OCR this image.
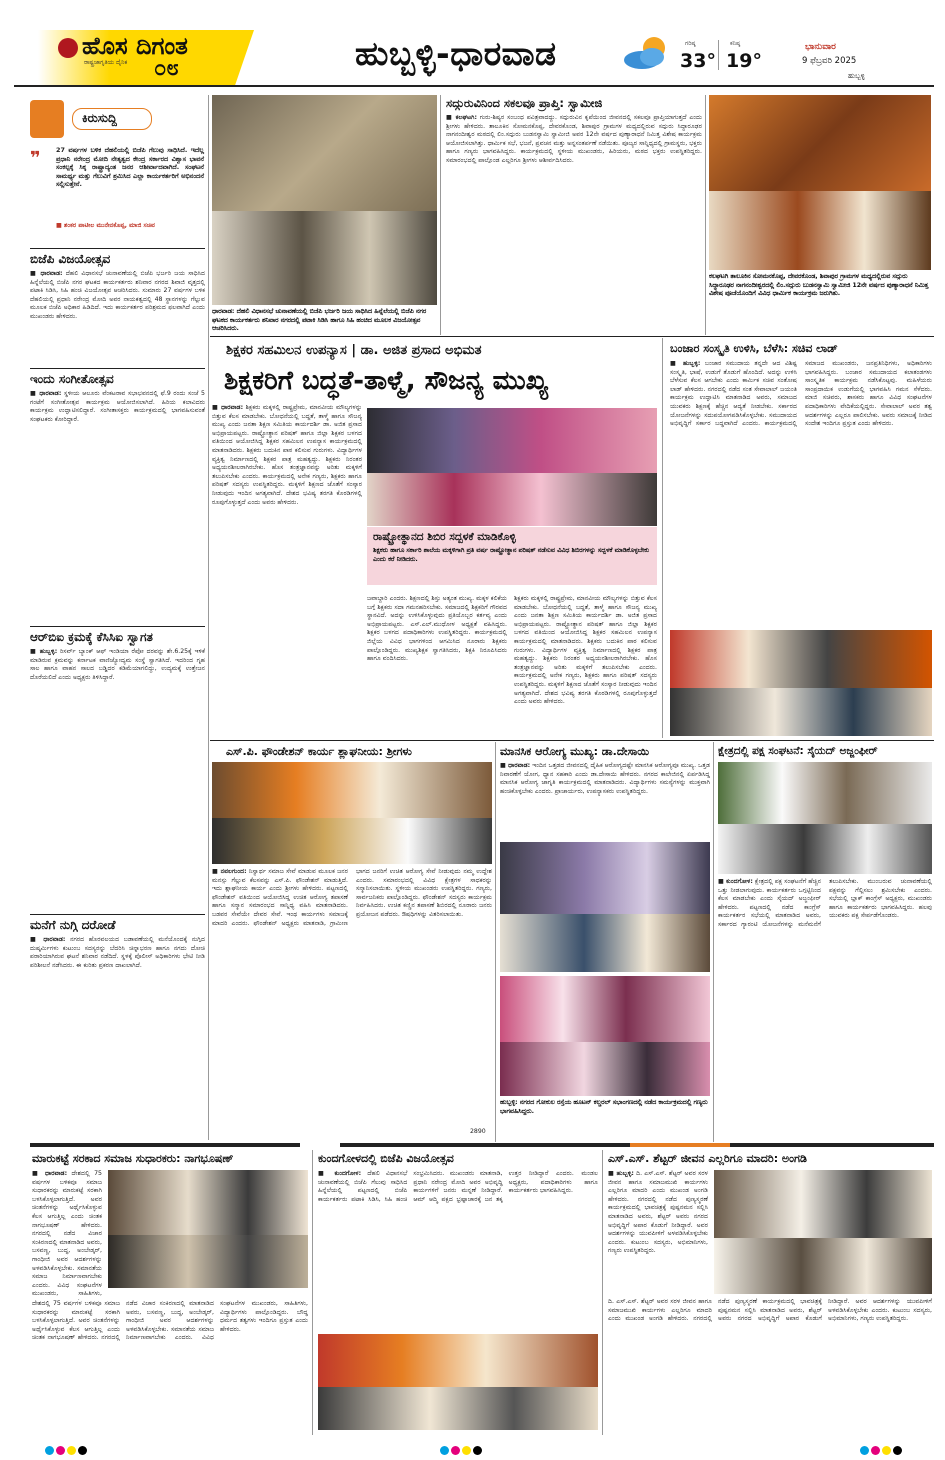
ಹೊಸ ದಿಗಂತ
ರಾಷ್ಟ್ರಜಾಗೃತಿಯ ದೈನಿಕ ೦೮	ಹುಬ್ಬಳ್ಳಿ-ಧಾರವಾಡ	ಗರಿಷ್ಠ
33°
ಕನಿಷ್ಠ
19°
ಭಾನುವಾರ
9 ಫೆಬ್ರವರಿ 2025
ಹುಬ್ಬಳ್ಳಿ
ಕಿರುಸುದ್ದಿ
❞ 27 ವರ್ಷಗಳ ಬಳಿಕ ದೆಹಲಿಯಲ್ಲಿ ಬಿಜೆಪಿ ಗೆಲುವು ಸಾಧಿಸಿದೆ. ಇದೆಲ್ಲ ಪ್ರಧಾನಿ ನರೇಂದ್ರ ಮೋದಿ ನೇತೃತ್ವದ ಕೇಂದ್ರ ಸರ್ಕಾರದ ವಿಶ್ವಾಸ ಭಾವನೆ ಸಂಕಲ್ಪಕ್ಕೆ ಸಿಕ್ಕ ರಾಷ್ಟ್ರಾದ್ಯಂತ ಜನರ ಆಶೀರ್ವಾದವಾಗಿದೆ. ಸಂಘಟನೆ ಸಾಮರ್ಥ್ಯ ಮತ್ತು ಗೆಲುವಿಗೆ ಶ್ರಮಿಸಿದ ಎಲ್ಲಾ ಕಾರ್ಯಕರ್ತರಿಗೆ ಅಭಿನಂದನೆ ಸಲ್ಲಿಸುತ್ತೇನೆ.
■ ಶಂಕರ ಪಾಟೀಲ ಮುನೇನಕೊಪ್ಪ, ಮಾಜಿ ಸಚಿವ
ಬಿಜೆಪಿ ವಿಜಯೋತ್ಸವ
■ ಧಾರವಾಡ: ದೆಹಲಿ ವಿಧಾನಸಭೆ ಚುನಾವಣೆಯಲ್ಲಿ ಬಿಜೆಪಿ ಭರ್ಜರಿ ಜಯ ಸಾಧಿಸಿದ ಹಿನ್ನೆಲೆಯಲ್ಲಿ ಬಿಜೆಪಿ ನಗರ ಘಟಕದ ಕಾರ್ಯಕರ್ತರು ಶನಿವಾರ ನಗರದ ಶಿವಾಜಿ ವೃತ್ತದಲ್ಲಿ ಪಟಾಕಿ ಸಿಡಿಸಿ, ಸಿಹಿ ಹಂಚಿ ವಿಜಯೋತ್ಸವ ಆಚರಿಸಿದರು. ಸುಮಾರು 27 ವರ್ಷಗಳ ಬಳಿಕ ದೆಹಲಿಯಲ್ಲಿ ಪ್ರಧಾನಿ ನರೇಂದ್ರ ಮೋದಿ ಅವರ ನಾಯಕತ್ವದಲ್ಲಿ 48 ಸ್ಥಾನಗಳನ್ನು ಗೆಲ್ಲುವ ಮೂಲಕ ಬಿಜೆಪಿ ಅಧಿಕಾರ ಹಿಡಿದಿದೆ. ಇದು ಕಾರ್ಯಕರ್ತರ ಪರಿಶ್ರಮದ ಫಲವಾಗಿದೆ ಎಂದು ಮುಖಂಡರು ಹೇಳಿದರು.
ಇಂದು ಸಂಗೀತೋತ್ಸವ
■ ಧಾರವಾಡ: ಸ್ಥಳೀಯ ಆಲೂರು ವೆಂಕಟರಾವ ಸಭಾಭವನದಲ್ಲಿ ಫೆ.9 ರಂದು ಸಂಜೆ 5 ಗಂಟೆಗೆ ಸಂಗೀತೋತ್ಸವ ಕಾರ್ಯಕ್ರಮ ಆಯೋಜಿಸಲಾಗಿದೆ. ಹಿರಿಯ ಕಲಾವಿದರು ಕಾರ್ಯಕ್ರಮ ಉದ್ಘಾಟಿಸಲಿದ್ದಾರೆ. ಸಂಗೀತಾಸಕ್ತರು ಕಾರ್ಯಕ್ರಮದಲ್ಲಿ ಭಾಗವಹಿಸುವಂತೆ ಸಂಘಟಕರು ಕೋರಿದ್ದಾರೆ.
ಆರ್‌ಬಿಐ ಕ್ರಮಕ್ಕೆ ಕೆಸಿಸಿಐ ಸ್ವಾಗತ
■ ಹುಬ್ಬಳ್ಳಿ: ರಿಸರ್ವ್ ಬ್ಯಾಂಕ್ ಆಫ್ ಇಂಡಿಯಾ ರೆಪೋ ದರವನ್ನು ಶೇ.6.25ಕ್ಕೆ ಇಳಿಕೆ ಮಾಡಿರುವ ಕ್ರಮವನ್ನು ಕರ್ನಾಟಕ ವಾಣಿಜ್ಯೋದ್ಯಮ ಸಂಸ್ಥೆ ಸ್ವಾಗತಿಸಿದೆ. ಇದರಿಂದ ಗೃಹ ಸಾಲ ಹಾಗೂ ವಾಹನ ಸಾಲದ ಬಡ್ಡಿದರ ಕಡಿಮೆಯಾಗಲಿದ್ದು, ಉದ್ಯಮಕ್ಕೆ ಉತ್ತೇಜನ ದೊರೆಯಲಿದೆ ಎಂದು ಅಧ್ಯಕ್ಷರು ತಿಳಿಸಿದ್ದಾರೆ.
ಮನೆಗೆ ನುಗ್ಗಿ ದರೋಡೆ
■ ಧಾರವಾಡ: ನಗರದ ಹೊರವಲಯದ ಬಡಾವಣೆಯಲ್ಲಿ ಮನೆಯೊಂದಕ್ಕೆ ನುಗ್ಗಿದ ದುಷ್ಕರ್ಮಿಗಳು ಕುಟುಂಬ ಸದಸ್ಯರನ್ನು ಬೆದರಿಸಿ ಚಿನ್ನಾಭರಣ ಹಾಗೂ ನಗದು ದೋಚಿ ಪರಾರಿಯಾಗಿರುವ ಘಟನೆ ಶನಿವಾರ ನಡೆದಿದೆ. ಸ್ಥಳಕ್ಕೆ ಪೊಲೀಸ್ ಅಧಿಕಾರಿಗಳು ಭೇಟಿ ನೀಡಿ ಪರಿಶೀಲನೆ ನಡೆಸಿದರು. ಈ ಕುರಿತು ಪ್ರಕರಣ ದಾಖಲಾಗಿದೆ.
ಧಾರವಾಡ: ದೆಹಲಿ ವಿಧಾನಸಭೆ ಚುನಾವಣೆಯಲ್ಲಿ ಬಿಜೆಪಿ ಭರ್ಜರಿ ಜಯ ಸಾಧಿಸಿದ ಹಿನ್ನೆಲೆಯಲ್ಲಿ ಬಿಜೆಪಿ ನಗರ ಘಟಕದ ಕಾರ್ಯಕರ್ತರು ಶನಿವಾರ ನಗರದಲ್ಲಿ ಪಟಾಕಿ ಸಿಡಿಸಿ ಹಾಗೂ ಸಿಹಿ ಹಂಚಿದ ಮೂಲಕ ವಿಜಯೋತ್ಸವ ಆಚರಿಸಿದರು.
ಸದ್ಗುರುವಿನಿಂದ ಸಕಲವೂ ಪ್ರಾಪ್ತಿ: ಸ್ವಾಮೀಜಿ
■ ಕಲಘಟಗಿ: ಗುರು-ಶಿಷ್ಯರ ಸಂಬಂಧ ಪವಿತ್ರವಾದದ್ದು. ಸದ್ಗುರುವಿನ ಕೃಪೆಯಿಂದ ಜೀವನದಲ್ಲಿ ಸಕಲವೂ ಪ್ರಾಪ್ತಿಯಾಗುತ್ತದೆ ಎಂದು ಶ್ರೀಗಳು ಹೇಳಿದರು. ತಾಲೂಕಿನ ಸೋಮನಕೊಪ್ಪ, ದೇವರಕೊಂಡ, ಶಿವಾಪುರ ಗ್ರಾಮಗಳ ಮಧ್ಯದಲ್ಲಿರುವ ಸದ್ಗುರು ಸಿದ್ಧಾರೂಢರ ನಾಗನಂದೀಶ್ವರ ಮಠದಲ್ಲಿ ಲಿಂ.ಸದ್ಗುರು ಬುಡನಸ್ವಾಮಿ ಸ್ವಾಮೀಜಿ ಅವರ 12ನೇ ವರ್ಷದ ಪುಣ್ಯಾರಾಧನೆ ನಿಮಿತ್ತ ವಿಶೇಷ ಕಾರ್ಯಕ್ರಮ ಆಯೋಜಿಸಲಾಗಿತ್ತು. ಧಾರ್ಮಿಕ ಸಭೆ, ಭಜನೆ, ಪ್ರವಚನ ಮತ್ತು ಅನ್ನಸಂತರ್ಪಣೆ ನಡೆಯಿತು. ಪೂಜ್ಯರ ಸಾನ್ನಿಧ್ಯದಲ್ಲಿ ಗ್ರಾಮಸ್ಥರು, ಭಕ್ತರು ಹಾಗೂ ಗಣ್ಯರು ಭಾಗವಹಿಸಿದ್ದರು. ಕಾರ್ಯಕ್ರಮದಲ್ಲಿ ಸ್ಥಳೀಯ ಮುಖಂಡರು, ಹಿರಿಯರು, ಮಠದ ಭಕ್ತರು ಉಪಸ್ಥಿತರಿದ್ದರು. ಸಮಾರಂಭದಲ್ಲಿ ಪಾಲ್ಗೊಂಡ ಎಲ್ಲರಿಗೂ ಶ್ರೀಗಳು ಆಶೀರ್ವದಿಸಿದರು.
ಕಲಘಟಗಿ ತಾಲೂಕಿನ ಸೋಮನಕೊಪ್ಪ, ದೇವರಕೊಂಡ, ಶಿವಾಪುರ ಗ್ರಾಮಗಳ ಮಧ್ಯದಲ್ಲಿರುವ ಸದ್ಗುರು ಸಿದ್ಧಾರೂಢರ ನಾಗನಂದೀಶ್ವರದಲ್ಲಿ ಲಿಂ.ಸದ್ಗುರು ಬುಡನಸ್ವಾಮಿ ಸ್ವಾಮೀಜಿ 12ನೇ ವರ್ಷದ ಪುಣ್ಯಾರಾಧನೆ ನಿಮಿತ್ತ ವಿಶೇಷ ಪೂಜೆಯೊಂದಿಗೆ ವಿವಿಧ ಧಾರ್ಮಿಕ ಕಾರ್ಯಕ್ರಮ ಜರುಗಿತು.
ಶಿಕ್ಷಕರ ಸಹಮಿಲನ ಉಪನ್ಯಾಸ | ಡಾ. ಅಜಿತ ಪ್ರಸಾದ ಅಭಿಮತ
ಶಿಕ್ಷಕರಿಗೆ ಬದ್ಧತೆ-ತಾಳ್ಮೆ, ಸೌಜನ್ಯ ಮುಖ್ಯ
■ ಧಾರವಾಡ: ಶಿಕ್ಷಕರು ಮಕ್ಕಳಲ್ಲಿ ರಾಷ್ಟ್ರಪ್ರೇಮ, ಮಾನವೀಯ ಮೌಲ್ಯಗಳನ್ನು ಬಿತ್ತುವ ಕೆಲಸ ಮಾಡಬೇಕು. ಬೋಧನೆಯಲ್ಲಿ ಬದ್ಧತೆ, ತಾಳ್ಮೆ ಹಾಗೂ ಸೌಜನ್ಯ ಮುಖ್ಯ ಎಂದು ಜನತಾ ಶಿಕ್ಷಣ ಸಮಿತಿಯ ಕಾರ್ಯದರ್ಶಿ ಡಾ. ಅಜಿತ ಪ್ರಸಾದ ಅಭಿಪ್ರಾಯಪಟ್ಟರು. ರಾಷ್ಟ್ರೋತ್ಥಾನ ಪರಿಷತ್ ಹಾಗೂ ಜಿಲ್ಲಾ ಶಿಕ್ಷಕರ ಬಳಗದ ವತಿಯಿಂದ ಆಯೋಜಿಸಿದ್ದ ಶಿಕ್ಷಕರ ಸಹಮಿಲನ ಉಪನ್ಯಾಸ ಕಾರ್ಯಕ್ರಮದಲ್ಲಿ ಮಾತನಾಡಿದರು. ಶಿಕ್ಷಕರು ಬದುಕಿನ ಪಾಠ ಕಲಿಸುವ ಗುರುಗಳು. ವಿದ್ಯಾರ್ಥಿಗಳ ವ್ಯಕ್ತಿತ್ವ ನಿರ್ಮಾಣದಲ್ಲಿ ಶಿಕ್ಷಕರ ಪಾತ್ರ ಮಹತ್ವದ್ದು. ಶಿಕ್ಷಕರು ನಿರಂತರ ಅಧ್ಯಯನಶೀಲರಾಗಿರಬೇಕು. ಹೊಸ ತಂತ್ರಜ್ಞಾನವನ್ನು ಅರಿತು ಮಕ್ಕಳಿಗೆ ತಲುಪಿಸಬೇಕು ಎಂದರು. ಕಾರ್ಯಕ್ರಮದಲ್ಲಿ ಅನೇಕ ಗಣ್ಯರು, ಶಿಕ್ಷಕರು ಹಾಗೂ ಪರಿಷತ್ ಸದಸ್ಯರು ಉಪಸ್ಥಿತರಿದ್ದರು. ಮಕ್ಕಳಿಗೆ ಶಿಕ್ಷಣದ ಜೊತೆಗೆ ಸಂಸ್ಕಾರ ನೀಡುವುದು ಇಂದಿನ ಅಗತ್ಯವಾಗಿದೆ. ದೇಶದ ಭವಿಷ್ಯ ತರಗತಿ ಕೊಠಡಿಗಳಲ್ಲಿ ರೂಪುಗೊಳ್ಳುತ್ತದೆ ಎಂದು ಅವರು ಹೇಳಿದರು.
ರಾಷ್ಟ್ರೋತ್ಥಾನದ ಶಿಬಿರ ಸದ್ಬಳಕೆ ಮಾಡಿಕೊಳ್ಳಿ
ಶಿಕ್ಷಕರು ಹಾಗೂ ಸರ್ಕಾರಿ ಶಾಲೆಯ ಮಕ್ಕಳಿಗಾಗಿ ಪ್ರತಿ ವರ್ಷ ರಾಷ್ಟ್ರೋತ್ಥಾನ ಪರಿಷತ್ ನಡೆಸುವ ವಿವಿಧ ಶಿಬಿರಗಳನ್ನು ಸದ್ಬಳಕೆ ಮಾಡಿಕೊಳ್ಳಬೇಕು ಎಂದು ಕರೆ ನೀಡಿದರು.
ಜವಾಬ್ದಾರಿ ಎಂದರು. ಶಿಕ್ಷಣದಲ್ಲಿ ಶಿಸ್ತು ಅತ್ಯಂತ ಮುಖ್ಯ. ಮಕ್ಕಳ ಕಲಿಕೆಯ ಬಗ್ಗೆ ಶಿಕ್ಷಕರು ಸದಾ ಗಮನಹರಿಸಬೇಕು. ಸಮಾಜದಲ್ಲಿ ಶಿಕ್ಷಕರಿಗೆ ಗೌರವದ ಸ್ಥಾನವಿದೆ. ಅದನ್ನು ಉಳಿಸಿಕೊಳ್ಳುವುದು ಪ್ರತಿಯೊಬ್ಬರ ಕರ್ತವ್ಯ ಎಂದು ಅಭಿಪ್ರಾಯಪಟ್ಟರು. ಎಸ್.ಎಲ್.ಮುಧೋಳ ಅಧ್ಯಕ್ಷತೆ ವಹಿಸಿದ್ದರು. ಶಿಕ್ಷಕರ ಬಳಗದ ಪದಾಧಿಕಾರಿಗಳು ಉಪಸ್ಥಿತರಿದ್ದರು. ಕಾರ್ಯಕ್ರಮದಲ್ಲಿ ಜಿಲ್ಲೆಯ ವಿವಿಧ ಭಾಗಗಳಿಂದ ಆಗಮಿಸಿದ ನೂರಾರು ಶಿಕ್ಷಕರು ಪಾಲ್ಗೊಂಡಿದ್ದರು. ಮುಖ್ಯಶಿಕ್ಷಕ ಸ್ವಾಗತಿಸಿದರು, ಶಿಕ್ಷಕಿ ನಿರೂಪಿಸಿದರು ಹಾಗೂ ವಂದಿಸಿದರು.
ಶಿಕ್ಷಕರು ಮಕ್ಕಳಲ್ಲಿ ರಾಷ್ಟ್ರಪ್ರೇಮ, ಮಾನವೀಯ ಮೌಲ್ಯಗಳನ್ನು ಬಿತ್ತುವ ಕೆಲಸ ಮಾಡಬೇಕು. ಬೋಧನೆಯಲ್ಲಿ ಬದ್ಧತೆ, ತಾಳ್ಮೆ ಹಾಗೂ ಸೌಜನ್ಯ ಮುಖ್ಯ ಎಂದು ಜನತಾ ಶಿಕ್ಷಣ ಸಮಿತಿಯ ಕಾರ್ಯದರ್ಶಿ ಡಾ. ಅಜಿತ ಪ್ರಸಾದ ಅಭಿಪ್ರಾಯಪಟ್ಟರು. ರಾಷ್ಟ್ರೋತ್ಥಾನ ಪರಿಷತ್ ಹಾಗೂ ಜಿಲ್ಲಾ ಶಿಕ್ಷಕರ ಬಳಗದ ವತಿಯಿಂದ ಆಯೋಜಿಸಿದ್ದ ಶಿಕ್ಷಕರ ಸಹಮಿಲನ ಉಪನ್ಯಾಸ ಕಾರ್ಯಕ್ರಮದಲ್ಲಿ ಮಾತನಾಡಿದರು. ಶಿಕ್ಷಕರು ಬದುಕಿನ ಪಾಠ ಕಲಿಸುವ ಗುರುಗಳು. ವಿದ್ಯಾರ್ಥಿಗಳ ವ್ಯಕ್ತಿತ್ವ ನಿರ್ಮಾಣದಲ್ಲಿ ಶಿಕ್ಷಕರ ಪಾತ್ರ ಮಹತ್ವದ್ದು. ಶಿಕ್ಷಕರು ನಿರಂತರ ಅಧ್ಯಯನಶೀಲರಾಗಿರಬೇಕು. ಹೊಸ ತಂತ್ರಜ್ಞಾನವನ್ನು ಅರಿತು ಮಕ್ಕಳಿಗೆ ತಲುಪಿಸಬೇಕು ಎಂದರು. ಕಾರ್ಯಕ್ರಮದಲ್ಲಿ ಅನೇಕ ಗಣ್ಯರು, ಶಿಕ್ಷಕರು ಹಾಗೂ ಪರಿಷತ್ ಸದಸ್ಯರು ಉಪಸ್ಥಿತರಿದ್ದರು. ಮಕ್ಕಳಿಗೆ ಶಿಕ್ಷಣದ ಜೊತೆಗೆ ಸಂಸ್ಕಾರ ನೀಡುವುದು ಇಂದಿನ ಅಗತ್ಯವಾಗಿದೆ. ದೇಶದ ಭವಿಷ್ಯ ತರಗತಿ ಕೊಠಡಿಗಳಲ್ಲಿ ರೂಪುಗೊಳ್ಳುತ್ತದೆ ಎಂದು ಅವರು ಹೇಳಿದರು.
ಬಂಜಾರ ಸಂಸ್ಕೃತಿ ಉಳಿಸಿ, ಬೆಳೆಸಿ: ಸಚಿವ ಲಾಡ್
■ ಹುಬ್ಬಳ್ಳಿ: ಬಂಜಾರ ಸಮುದಾಯ ತನ್ನದೇ ಆದ ವಿಶಿಷ್ಟ ಸಂಸ್ಕೃತಿ, ಭಾಷೆ, ಉಡುಗೆ ತೊಡುಗೆ ಹೊಂದಿದೆ. ಅದನ್ನು ಉಳಿಸಿ ಬೆಳೆಸುವ ಕೆಲಸ ಆಗಬೇಕು ಎಂದು ಕಾರ್ಮಿಕ ಸಚಿವ ಸಂತೋಷ ಲಾಡ್ ಹೇಳಿದರು. ನಗರದಲ್ಲಿ ನಡೆದ ಸಂತ ಸೇವಾಲಾಲ್ ಜಯಂತಿ ಕಾರ್ಯಕ್ರಮ ಉದ್ಘಾಟಿಸಿ ಮಾತನಾಡಿದ ಅವರು, ಸಮಾಜದ ಯುವಕರು ಶಿಕ್ಷಣಕ್ಕೆ ಹೆಚ್ಚಿನ ಆದ್ಯತೆ ನೀಡಬೇಕು. ಸರ್ಕಾರದ ಯೋಜನೆಗಳನ್ನು ಸದುಪಯೋಗಪಡಿಸಿಕೊಳ್ಳಬೇಕು. ಸಮುದಾಯದ ಅಭಿವೃದ್ಧಿಗೆ ಸರ್ಕಾರ ಬದ್ಧವಾಗಿದೆ ಎಂದರು. ಕಾರ್ಯಕ್ರಮದಲ್ಲಿ ಸಮಾಜದ ಮುಖಂಡರು, ಜನಪ್ರತಿನಿಧಿಗಳು, ಅಧಿಕಾರಿಗಳು ಭಾಗವಹಿಸಿದ್ದರು. ಬಂಜಾರ ಸಮುದಾಯದ ಕಲಾತಂಡಗಳು ಸಾಂಸ್ಕೃತಿಕ ಕಾರ್ಯಕ್ರಮ ನಡೆಸಿಕೊಟ್ಟವು. ಮಹಿಳೆಯರು ಸಾಂಪ್ರದಾಯಿಕ ಉಡುಗೆಯಲ್ಲಿ ಭಾಗವಹಿಸಿ ಗಮನ ಸೆಳೆದರು. ಮಾಜಿ ಸಚಿವರು, ಶಾಸಕರು ಹಾಗೂ ವಿವಿಧ ಸಂಘಟನೆಗಳ ಪದಾಧಿಕಾರಿಗಳು ವೇದಿಕೆಯಲ್ಲಿದ್ದರು. ಸೇವಾಲಾಲ್ ಅವರ ತತ್ವ ಆದರ್ಶಗಳನ್ನು ಎಲ್ಲರೂ ಪಾಲಿಸಬೇಕು. ಅವರು ಸಮಾಜಕ್ಕೆ ನೀಡಿದ ಸಂದೇಶ ಇಂದಿಗೂ ಪ್ರಸ್ತುತ ಎಂದು ಹೇಳಿದರು.
ಎಸ್.ಪಿ. ಫೌಂಡೇಶನ್ ಕಾರ್ಯ ಶ್ಲಾಘನೀಯ: ಶ್ರೀಗಳು
■ ನವಲಗುಂದ: ನಿಸ್ವಾರ್ಥ ಸಮಾಜ ಸೇವೆ ಮಾಡುವ ಮೂಲಕ ಜನರ ಮನಸ್ಸು ಗೆಲ್ಲುವ ಕೆಲಸವನ್ನು ಎಸ್.ಪಿ. ಫೌಂಡೇಶನ್ ಮಾಡುತ್ತಿದೆ. ಇದು ಶ್ಲಾಘನೀಯ ಕಾರ್ಯ ಎಂದು ಶ್ರೀಗಳು ಹೇಳಿದರು. ಪಟ್ಟಣದಲ್ಲಿ ಫೌಂಡೇಶನ್ ವತಿಯಿಂದ ಆಯೋಜಿಸಿದ್ದ ಉಚಿತ ಆರೋಗ್ಯ ತಪಾಸಣೆ ಹಾಗೂ ಸನ್ಮಾನ ಸಮಾರಂಭದ ಸಾನ್ನಿಧ್ಯ ವಹಿಸಿ ಮಾತನಾಡಿದರು. ಬಡವರ ಸೇವೆಯೇ ದೇವರ ಸೇವೆ. ಇಂಥ ಕಾರ್ಯಗಳು ಸಮಾಜಕ್ಕೆ ಮಾದರಿ ಎಂದರು. ಫೌಂಡೇಶನ್ ಅಧ್ಯಕ್ಷರು ಮಾತನಾಡಿ, ಗ್ರಾಮೀಣ ಭಾಗದ ಜನರಿಗೆ ಉಚಿತ ಆರೋಗ್ಯ ಸೇವೆ ನೀಡುವುದು ನಮ್ಮ ಉದ್ದೇಶ ಎಂದರು. ಸಮಾರಂಭದಲ್ಲಿ ವಿವಿಧ ಕ್ಷೇತ್ರಗಳ ಸಾಧಕರನ್ನು ಸನ್ಮಾನಿಸಲಾಯಿತು. ಸ್ಥಳೀಯ ಮುಖಂಡರು ಉಪಸ್ಥಿತರಿದ್ದರು. ಗಣ್ಯರು, ಸಾರ್ವಜನಿಕರು ಪಾಲ್ಗೊಂಡಿದ್ದರು. ಫೌಂಡೇಶನ್ ಸದಸ್ಯರು ಕಾರ್ಯಕ್ರಮ ನಿರ್ವಹಿಸಿದರು. ಉಚಿತ ಕಣ್ಣಿನ ತಪಾಸಣೆ ಶಿಬಿರದಲ್ಲಿ ನೂರಾರು ಜನರು ಪ್ರಯೋಜನ ಪಡೆದರು. ಔಷಧಿಗಳನ್ನು ವಿತರಿಸಲಾಯಿತು.
2890
ಮಾನಸಿಕ ಆರೋಗ್ಯ ಮುಖ್ಯ: ಡಾ.ದೇಸಾಯಿ
■ ಧಾರವಾಡ: ಇಂದಿನ ಒತ್ತಡದ ಜೀವನದಲ್ಲಿ ದೈಹಿಕ ಆರೋಗ್ಯದಷ್ಟೇ ಮಾನಸಿಕ ಆರೋಗ್ಯವೂ ಮುಖ್ಯ. ಒತ್ತಡ ನಿವಾರಣೆಗೆ ಯೋಗ, ಧ್ಯಾನ ಸಹಕಾರಿ ಎಂದು ಡಾ.ದೇಸಾಯಿ ಹೇಳಿದರು. ನಗರದ ಕಾಲೇಜಿನಲ್ಲಿ ಏರ್ಪಡಿಸಿದ್ದ ಮಾನಸಿಕ ಆರೋಗ್ಯ ಜಾಗೃತಿ ಕಾರ್ಯಕ್ರಮದಲ್ಲಿ ಮಾತನಾಡಿದರು. ವಿದ್ಯಾರ್ಥಿಗಳು ಸಮಸ್ಯೆಗಳನ್ನು ಮುಕ್ತವಾಗಿ ಹಂಚಿಕೊಳ್ಳಬೇಕು ಎಂದರು. ಪ್ರಾಚಾರ್ಯರು, ಉಪನ್ಯಾಸಕರು ಉಪಸ್ಥಿತರಿದ್ದರು.
ಹುಬ್ಬಳ್ಳಿ: ನಗರದ ಗೋಕುಲ ರಸ್ತೆಯ ಹೂಟನ್ ಕಲ್ಚರಲ್ ಸಭಾಂಗಣದಲ್ಲಿ ನಡೆದ ಕಾರ್ಯಕ್ರಮದಲ್ಲಿ ಗಣ್ಯರು ಭಾಗವಹಿಸಿದ್ದರು.
ಕ್ಷೇತ್ರದಲ್ಲಿ ಪಕ್ಷ ಸಂಘಟನೆ: ಸೈಯದ್ ಅಜ್ಜಂಫೀರ್
■ ಕುಂದಗೋಳ: ಕ್ಷೇತ್ರದಲ್ಲಿ ಪಕ್ಷ ಸಂಘಟನೆಗೆ ಹೆಚ್ಚಿನ ಒತ್ತು ನೀಡಲಾಗುವುದು. ಕಾರ್ಯಕರ್ತರು ಒಗ್ಗಟ್ಟಿನಿಂದ ಕೆಲಸ ಮಾಡಬೇಕು ಎಂದು ಸೈಯದ್ ಅಜ್ಜಂಫೀರ್ ಹೇಳಿದರು. ಪಟ್ಟಣದಲ್ಲಿ ನಡೆದ ಕಾಂಗ್ರೆಸ್ ಕಾರ್ಯಕರ್ತರ ಸಭೆಯಲ್ಲಿ ಮಾತನಾಡಿದ ಅವರು, ಸರ್ಕಾರದ ಗ್ಯಾರಂಟಿ ಯೋಜನೆಗಳನ್ನು ಮನೆಮನೆಗೆ ತಲುಪಿಸಬೇಕು. ಮುಂಬರುವ ಚುನಾವಣೆಯಲ್ಲಿ ಪಕ್ಷವನ್ನು ಗೆಲ್ಲಿಸಲು ಶ್ರಮಿಸಬೇಕು ಎಂದರು. ಸಭೆಯಲ್ಲಿ ಬ್ಲಾಕ್ ಕಾಂಗ್ರೆಸ್ ಅಧ್ಯಕ್ಷರು, ಮುಖಂಡರು ಹಾಗೂ ಕಾರ್ಯಕರ್ತರು ಭಾಗವಹಿಸಿದ್ದರು. ಹಲವು ಯುವಕರು ಪಕ್ಷ ಸೇರ್ಪಡೆಗೊಂಡರು.
ಮಾರುಕಟ್ಟೆ ಸರಕಾದ ಸಮಾಜ ಸುಧಾರಕರು: ನಾಗಭೂಷಣ್
■ ಧಾರವಾಡ: ದೇಶದಲ್ಲಿ 75 ವರ್ಷಗಳ ಬಳಿಕವೂ ಸಮಾಜ ಸುಧಾರಕರನ್ನು ಮಾರುಕಟ್ಟೆ ಸರಕಾಗಿ ಬಳಸಿಕೊಳ್ಳಲಾಗುತ್ತಿದೆ. ಅವರ ಚಿಂತನೆಗಳನ್ನು ಅರ್ಥೈಸಿಕೊಳ್ಳುವ ಕೆಲಸ ಆಗುತ್ತಿಲ್ಲ ಎಂದು ಚಿಂತಕ ನಾಗಭೂಷಣ್ ಹೇಳಿದರು. ನಗರದಲ್ಲಿ ನಡೆದ ವಿಚಾರ ಸಂಕಿರಣದಲ್ಲಿ ಮಾತನಾಡಿದ ಅವರು, ಬಸವಣ್ಣ, ಬುದ್ಧ, ಅಂಬೇಡ್ಕರ್, ಗಾಂಧೀಜಿ ಅವರ ಆದರ್ಶಗಳನ್ನು ಅಳವಡಿಸಿಕೊಳ್ಳಬೇಕು. ಸಮಾನತೆಯ ಸಮಾಜ ನಿರ್ಮಾಣವಾಗಬೇಕು ಎಂದರು. ವಿವಿಧ ಸಂಘಟನೆಗಳ ಮುಖಂಡರು, ಸಾಹಿತಿಗಳು,
ದೇಶದಲ್ಲಿ 75 ವರ್ಷಗಳ ಬಳಿಕವೂ ಸಮಾಜ ಸುಧಾರಕರನ್ನು ಮಾರುಕಟ್ಟೆ ಸರಕಾಗಿ ಬಳಸಿಕೊಳ್ಳಲಾಗುತ್ತಿದೆ. ಅವರ ಚಿಂತನೆಗಳನ್ನು ಅರ್ಥೈಸಿಕೊಳ್ಳುವ ಕೆಲಸ ಆಗುತ್ತಿಲ್ಲ ಎಂದು ಚಿಂತಕ ನಾಗಭೂಷಣ್ ಹೇಳಿದರು. ನಗರದಲ್ಲಿ ನಡೆದ ವಿಚಾರ ಸಂಕಿರಣದಲ್ಲಿ ಮಾತನಾಡಿದ ಅವರು, ಬಸವಣ್ಣ, ಬುದ್ಧ, ಅಂಬೇಡ್ಕರ್, ಗಾಂಧೀಜಿ ಅವರ ಆದರ್ಶಗಳನ್ನು ಅಳವಡಿಸಿಕೊಳ್ಳಬೇಕು. ಸಮಾನತೆಯ ಸಮಾಜ ನಿರ್ಮಾಣವಾಗಬೇಕು ಎಂದರು. ವಿವಿಧ ಸಂಘಟನೆಗಳ ಮುಖಂಡರು, ಸಾಹಿತಿಗಳು, ವಿದ್ಯಾರ್ಥಿಗಳು ಪಾಲ್ಗೊಂಡಿದ್ದರು. ಬೌದ್ಧ ಧರ್ಮದ ತತ್ವಗಳು ಇಂದಿಗೂ ಪ್ರಸ್ತುತ ಎಂದು ಹೇಳಿದರು.
ಕುಂದಗೋಳದಲ್ಲಿ ಬಿಜೆಪಿ ವಿಜಯೋತ್ಸವ
■ ಕುಂದಗೋಳ: ದೆಹಲಿ ವಿಧಾನಸಭೆ ಚುನಾವಣೆಯಲ್ಲಿ ಬಿಜೆಪಿ ಗೆಲುವು ಸಾಧಿಸಿದ ಹಿನ್ನೆಲೆಯಲ್ಲಿ ಪಟ್ಟಣದಲ್ಲಿ ಬಿಜೆಪಿ ಕಾರ್ಯಕರ್ತರು ಪಟಾಕಿ ಸಿಡಿಸಿ, ಸಿಹಿ ಹಂಚಿ ಸಂಭ್ರಮಿಸಿದರು. ಮುಖಂಡರು ಮಾತನಾಡಿ, ಪ್ರಧಾನಿ ನರೇಂದ್ರ ಮೋದಿ ಅವರ ಅಭಿವೃದ್ಧಿ ಕಾರ್ಯಗಳಿಗೆ ಜನರು ಮನ್ನಣೆ ನೀಡಿದ್ದಾರೆ. ಆಮ್ ಆದ್ಮಿ ಪಕ್ಷದ ಭ್ರಷ್ಟಾಚಾರಕ್ಕೆ ಜನ ತಕ್ಕ ಉತ್ತರ ನೀಡಿದ್ದಾರೆ ಎಂದರು. ಮಂಡಲ ಅಧ್ಯಕ್ಷರು, ಪದಾಧಿಕಾರಿಗಳು ಹಾಗೂ ಕಾರ್ಯಕರ್ತರು ಭಾಗವಹಿಸಿದ್ದರು.
ಎಸ್.ಎಸ್. ಶೆಟ್ಟರ್ ಜೀವನ ಎಲ್ಲರಿಗೂ ಮಾದರಿ: ಅಂಗಡಿ
■ ಹುಬ್ಬಳ್ಳಿ: ದಿ. ಎಸ್.ಎಸ್. ಶೆಟ್ಟರ್ ಅವರ ಸರಳ ಜೀವನ ಹಾಗೂ ಸಮಾಜಮುಖಿ ಕಾರ್ಯಗಳು ಎಲ್ಲರಿಗೂ ಮಾದರಿ ಎಂದು ಮುಖಂಡ ಅಂಗಡಿ ಹೇಳಿದರು. ನಗರದಲ್ಲಿ ನಡೆದ ಪುಣ್ಯಸ್ಮರಣೆ ಕಾರ್ಯಕ್ರಮದಲ್ಲಿ ಭಾವಚಿತ್ರಕ್ಕೆ ಪುಷ್ಪನಮನ ಸಲ್ಲಿಸಿ ಮಾತನಾಡಿದ ಅವರು, ಶೆಟ್ಟರ್ ಅವರು ನಗರದ ಅಭಿವೃದ್ಧಿಗೆ ಅಪಾರ ಕೊಡುಗೆ ನೀಡಿದ್ದಾರೆ. ಅವರ ಆದರ್ಶಗಳನ್ನು ಯುವಪೀಳಿಗೆ ಅಳವಡಿಸಿಕೊಳ್ಳಬೇಕು ಎಂದರು. ಕುಟುಂಬ ಸದಸ್ಯರು, ಅಭಿಮಾನಿಗಳು, ಗಣ್ಯರು ಉಪಸ್ಥಿತರಿದ್ದರು.
ದಿ. ಎಸ್.ಎಸ್. ಶೆಟ್ಟರ್ ಅವರ ಸರಳ ಜೀವನ ಹಾಗೂ ಸಮಾಜಮುಖಿ ಕಾರ್ಯಗಳು ಎಲ್ಲರಿಗೂ ಮಾದರಿ ಎಂದು ಮುಖಂಡ ಅಂಗಡಿ ಹೇಳಿದರು. ನಗರದಲ್ಲಿ ನಡೆದ ಪುಣ್ಯಸ್ಮರಣೆ ಕಾರ್ಯಕ್ರಮದಲ್ಲಿ ಭಾವಚಿತ್ರಕ್ಕೆ ಪುಷ್ಪನಮನ ಸಲ್ಲಿಸಿ ಮಾತನಾಡಿದ ಅವರು, ಶೆಟ್ಟರ್ ಅವರು ನಗರದ ಅಭಿವೃದ್ಧಿಗೆ ಅಪಾರ ಕೊಡುಗೆ ನೀಡಿದ್ದಾರೆ. ಅವರ ಆದರ್ಶಗಳನ್ನು ಯುವಪೀಳಿಗೆ ಅಳವಡಿಸಿಕೊಳ್ಳಬೇಕು ಎಂದರು. ಕುಟುಂಬ ಸದಸ್ಯರು, ಅಭಿಮಾನಿಗಳು, ಗಣ್ಯರು ಉಪಸ್ಥಿತರಿದ್ದರು.
